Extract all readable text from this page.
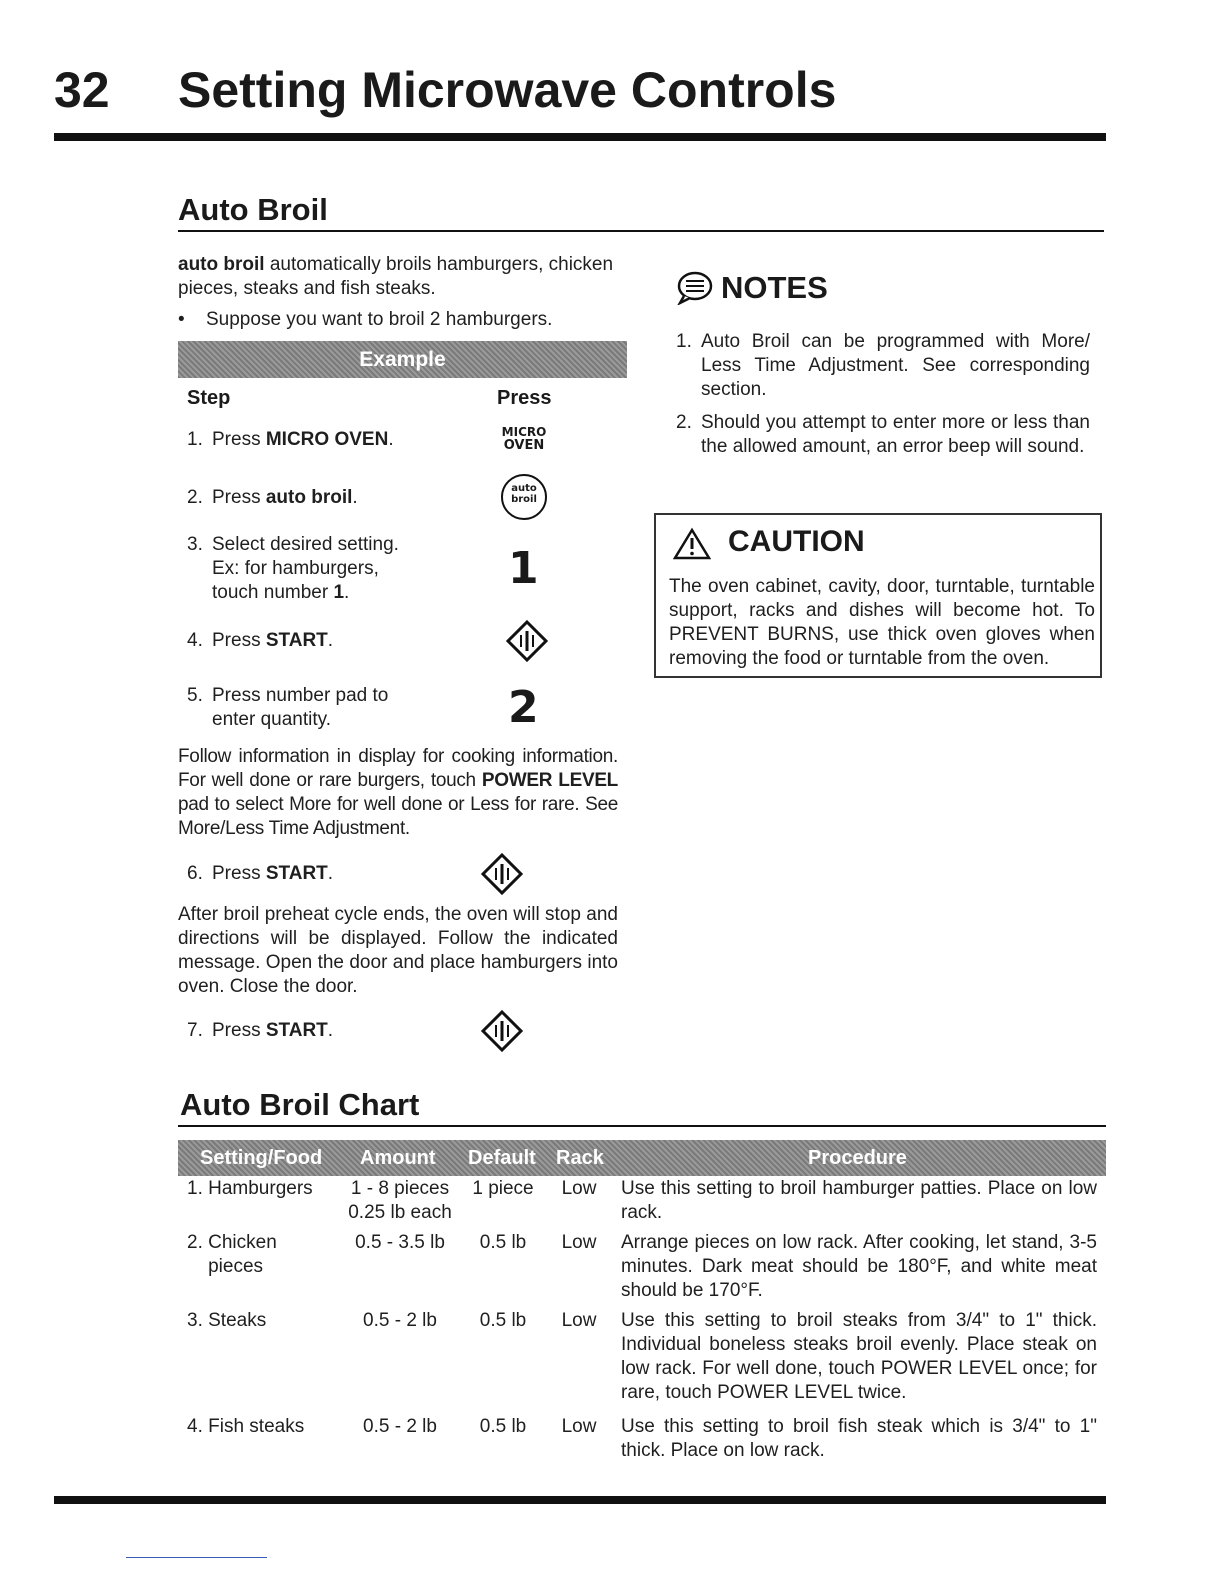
32 Setting Microwave Controls
Auto Broil
auto broil automatically broils hamburgers, chicken pieces, steaks and fish steaks.
• Suppose you want to broil 2 hamburgers.
Example
Step	Press
1. Press MICRO OVEN.	MICRO
OVEN
2. Press auto broil.	auto
broil
3. Select desired setting.
Ex: for hamburgers,
touch number 1.	1
4. Press START.
5. Press number pad to
enter quantity.	2
Follow information in display for cooking information. For well done or rare burgers, touch POWER LEVEL pad to select More for well done or Less for rare. See More/Less Time Adjustment.
6. Press START.
After broil preheat cycle ends, the oven will stop and directions will be displayed. Follow the indicated message. Open the door and place hamburgers into oven. Close the door.
7. Press START.
NOTES
1. Auto Broil can be programmed with More/ Less Time Adjustment. See corresponding section.
2. Should you attempt to enter more or less than the allowed amount, an error beep will sound.
CAUTION
The oven cabinet, cavity, door, turntable, turntable support, racks and dishes will become hot. To PREVENT BURNS, use thick oven gloves when removing the food or turntable from the oven.
Auto Broil Chart
Setting/Food Amount Default Rack	Procedure
1. Hamburgers	1 - 8 pieces
0.25 lb each
1 piece	Low	Use this setting to broil hamburger patties. Place on low rack.
2. Chicken
pieces
0.5 - 3.5 lb	0.5 lb	Low	Arrange pieces on low rack. After cooking, let stand, 3-5 minutes. Dark meat should be 180°F, and white meat should be 170°F.
3. Steaks	0.5 - 2 lb	0.5 lb	Low	Use this setting to broil steaks from 3/4" to 1" thick. Individual boneless steaks broil evenly. Place steak on low rack. For well done, touch POWER LEVEL once; for rare, touch POWER LEVEL twice.
4. Fish steaks	0.5 - 2 lb	0.5 lb	Low	Use this setting to broil fish steak which is 3/4" to 1" thick. Place on low rack.
